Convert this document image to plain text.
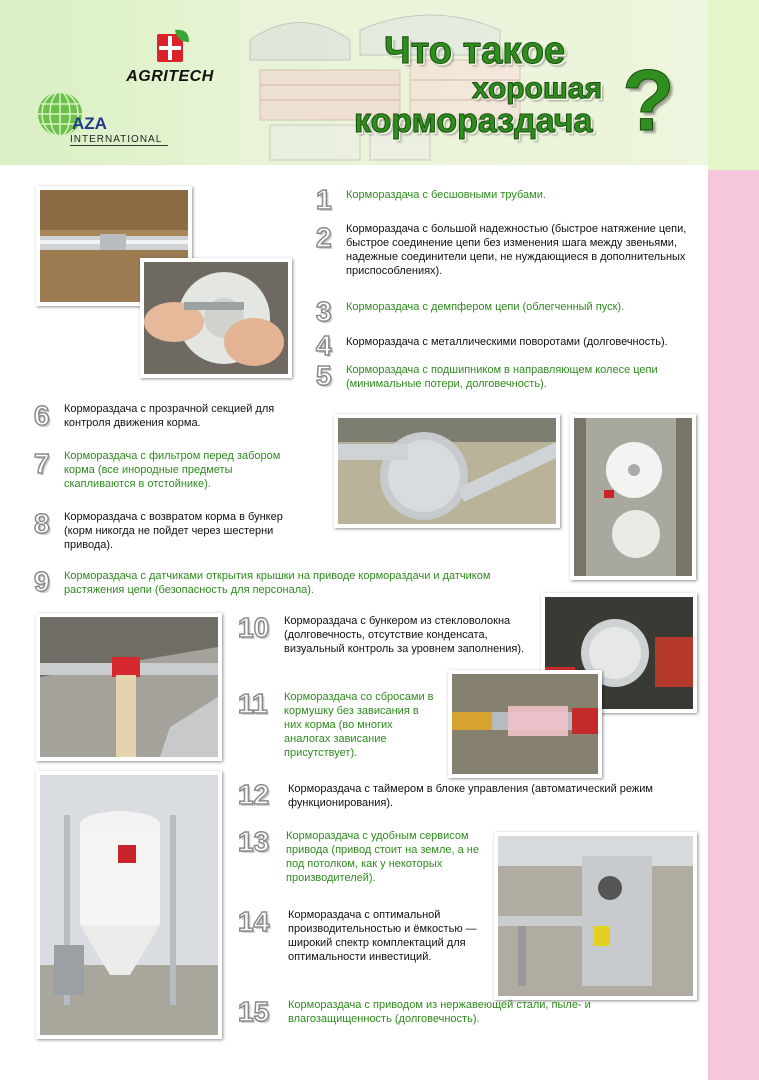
AGRITECH
AZA
INTERNATIONAL
Что такое
хорошая
кормораздача ?
1 Кормораздача с бесшовными трубами.
2 Кормораздача с большой надежностью (быстрое натяжение цепи, быстрое соединение цепи без изменения шага между звеньями, надежные соединители цепи, не нуждающиеся в дополнительных приспособлениях).
3 Кормораздача с демпфером цепи (облегченный пуск).
4 Кормораздача с металлическими поворотами (долговечность).
5 Кормораздача с подшипником в направляющем колесе цепи (минимальные потери, долговечность).
6 Кормораздача с прозрачной секцией для контроля движения корма.
7 Кормораздача с фильтром перед забором корма (все инородные предметы скапливаются в отстойнике).
8 Кормораздача с возвратом корма в бункер (корм никогда не пойдет через шестерни привода).
9 Кормораздача с датчиками открытия крышки на приводе кормораздачи и датчиком растяжения цепи (безопасность для персонала).
10 Кормораздача с бункером из стекловолокна (долговечность, отсутствие конденсата, визуальный контроль за уровнем заполнения).
11 Кормораздача со сбросами в кормушку без зависания в них корма (во многих аналогах зависание присутствует).
12 Кормораздача с таймером в блоке управления (автоматический режим функционирования).
13 Кормораздача с удобным сервисом привода (привод стоит на земле, а не под потолком, как у некоторых производителей).
14 Кормораздача с оптимальной производительностью и ёмкостью — широкий спектр комплектаций для оптимальности инвестиций.
15 Кормораздача с приводом из нержавеющей стали, пыле- и влагозащищенность (долговечность).
